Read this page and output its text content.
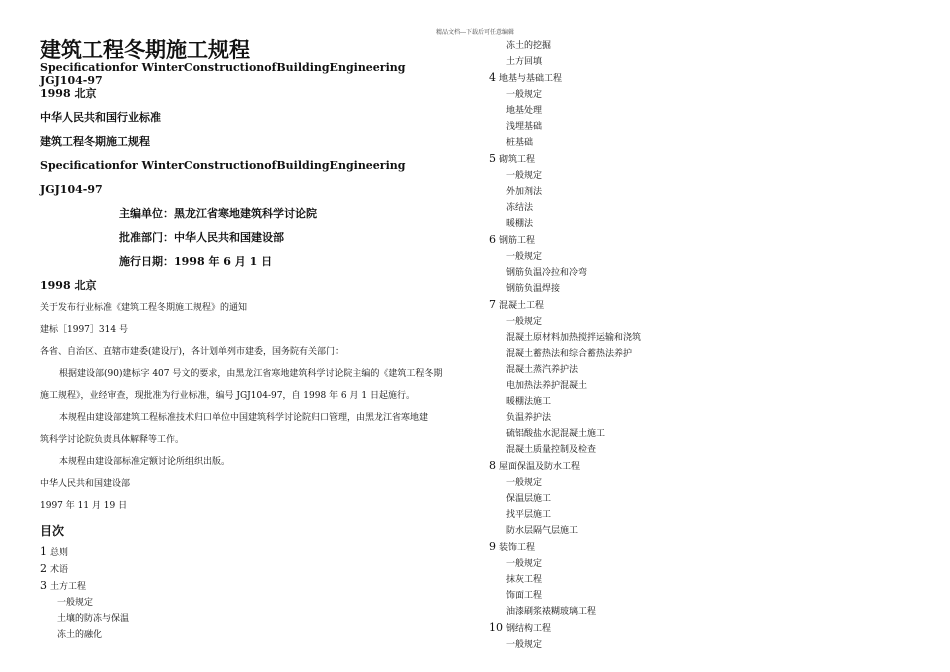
精品文档---下载后可任意编辑
建筑工程冬期施工规程
Specificationfor WinterConstructionofBuildingEngineering
JGJ104-97
1998 北京
中华人民共和国行业标准
建筑工程冬期施工规程
Specificationfor WinterConstructionofBuildingEngineering
JGJ104-97
主编单位：黑龙江省寒地建筑科学讨论院
批准部门：中华人民共和国建设部
施行日期：1998 年 6 月 1 日
1998 北京
关于发布行业标准《建筑工程冬期施工规程》的通知
建标［1997］314 号
各省、自治区、直辖市建委(建设厅)，各计划单列市建委，国务院有关部门：
根据建设部(90)建标字 407 号文的要求，由黑龙江省寒地建筑科学讨论院主编的《建筑工程冬期
施工规程》，业经审查，现批准为行业标准，编号 JGJ104-97，自 1998 年 6 月 1 日起施行。
本规程由建设部建筑工程标准技术归口单位中国建筑科学讨论院归口管理，由黑龙江省寒地建
筑科学讨论院负责具体解释等工作。
本规程由建设部标准定额讨论所组织出版。
中华人民共和国建设部
1997 年 11 月 19 日
目次
1 总则
2 术语
3 土方工程
一般规定
土壤的防冻与保温
冻土的融化
冻土的挖掘
土方回填
4 地基与基础工程
一般规定
地基处理
浅埋基础
桩基础
5 砌筑工程
一般规定
外加剂法
冻结法
暖棚法
6 钢筋工程
一般规定
钢筋负温冷拉和冷弯
钢筋负温焊接
7 混凝土工程
一般规定
混凝土原材料加热搅拌运输和浇筑
混凝土蓄热法和综合蓄热法养护
混凝土蒸汽养护法
电加热法养护混凝土
暖棚法施工
负温养护法
硫铝酸盐水泥混凝土施工
混凝土质量控制及检查
8 屋面保温及防水工程
一般规定
保温层施工
找平层施工
防水层隔气层施工
9 装饰工程
一般规定
抹灰工程
饰面工程
油漆刷浆裱糊玻璃工程
10 钢结构工程
一般规定
